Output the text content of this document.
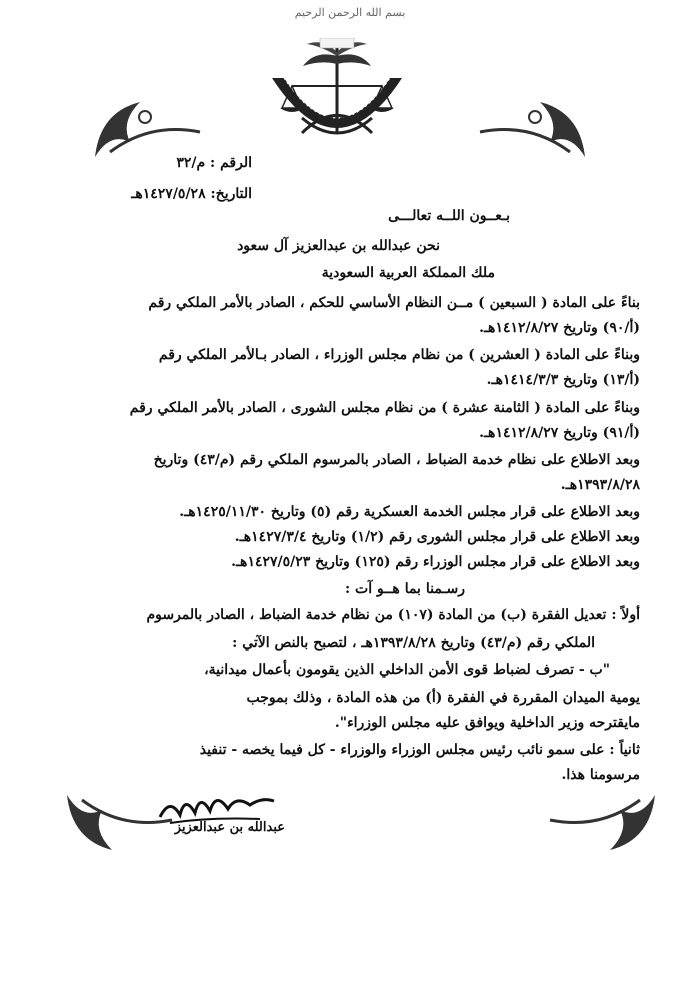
بسم الله الرحمن الرحيم
الرقم : م/٣٢
التاريخ: ١٤٢٧/٥/٢٨هـ
بـعــون اللــه تعالـــى
نحن عبدالله بن عبدالعزيز آل سعود
ملك المملكة العربية السعودية
بناءً على المادة ( السبعين ) مــن النظام الأساسي للحكم ، الصادر بالأمر الملكي رقم
(أ/٩٠) وتاريخ ١٤١٢/٨/٢٧هـ.
وبناءً على المادة ( العشرين ) من نظام مجلس الوزراء ، الصادر بـالأمر الملكي رقم
(أ/١٣) وتاريخ ١٤١٤/٣/٣هـ.
وبناءً على المادة ( الثامنة عشرة ) من نظام مجلس الشورى ، الصادر بالأمر الملكي رقم
(أ/٩١) وتاريخ ١٤١٢/٨/٢٧هـ.
وبعد الاطلاع على نظام خدمة الضباط ، الصادر بالمرسوم الملكي رقم (م/٤٣) وتاريخ
١٣٩٣/٨/٢٨هـ.
وبعد الاطلاع على قرار مجلس الخدمة العسكرية رقم (٥) وتاريخ ١٤٢٥/١١/٣٠هـ.
وبعد الاطلاع على قرار مجلس الشورى رقم (١/٢) وتاريخ ١٤٢٧/٣/٤هـ.
وبعد الاطلاع على قرار مجلس الوزراء رقم (١٢٥) وتاريخ ١٤٢٧/٥/٢٣هـ.
رسـمنا بما هــو آت :
أولاً : تعديل الفقرة (ب) من المادة (١٠٧) من نظام خدمة الضباط ، الصادر بالمرسوم
الملكي رقم (م/٤٣) وتاريخ ١٣٩٣/٨/٢٨هـ ، لتصبح بالنص الآتي :
"ب - تصرف لضباط قوى الأمن الداخلي الذين يقومون بأعمال ميدانية،
يومية الميدان المقررة في الفقرة (أ) من هذه المادة ، وذلك بموجب
مايقترحه وزير الداخلية ويوافق عليه مجلس الوزراء".
ثانياً : على سمو نائب رئيس مجلس الوزراء والوزراء - كل فيما يخصه - تنفيذ
مرسومنا هذا.
عبدالله بن عبدالعزيز
